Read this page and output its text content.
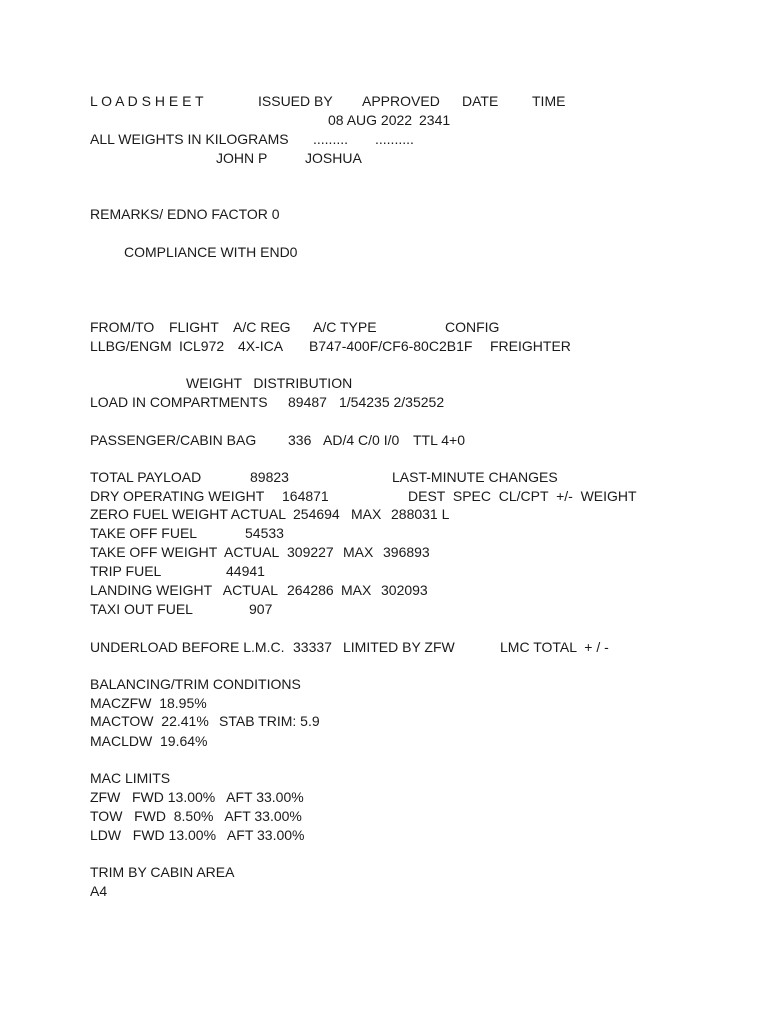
L O A D S H E E T	ISSUED BY APPROVED DATE TIME
08 AUG 2022 2341
ALL WEIGHTS IN KILOGRAMS ......... ..........
JOHN P	JOSHUA
REMARKS/ EDNO FACTOR 0
COMPLIANCE WITH END0
FROM/TO FLIGHT A/C REG A/C TYPE	CONFIG
LLBG/ENGM ICL972 4X-ICA B747-400F/CF6-80C2B1F FREIGHTER
WEIGHT   DISTRIBUTION
LOAD IN COMPARTMENTS 89487 1/54235 2/35252
PASSENGER/CABIN BAG 336 AD/4 C/0 I/0 TTL 4+0
TOTAL PAYLOAD	89823	LAST-MINUTE CHANGES
DRY OPERATING WEIGHT 164871	DEST  SPEC  CL/CPT  +/-  WEIGHT
ZERO FUEL WEIGHT ACTUAL 254694 MAX 288031 L
TAKE OFF FUEL	54533
TAKE OFF WEIGHT  ACTUAL 309227 MAX 396893
TRIP FUEL	44941
LANDING WEIGHT   ACTUAL 264286 MAX 302093
TAXI OUT FUEL	907
UNDERLOAD BEFORE L.M.C. 33337 LIMITED BY ZFW	LMC TOTAL  + / -
BALANCING/TRIM CONDITIONS
MACZFW  18.95%
MACTOW  22.41% STAB TRIM: 5.9
MACLDW  19.64%
MAC LIMITS
ZFW   FWD 13.00%   AFT 33.00%
TOW   FWD  8.50%   AFT 33.00%
LDW   FWD 13.00%   AFT 33.00%
TRIM BY CABIN AREA
A4
